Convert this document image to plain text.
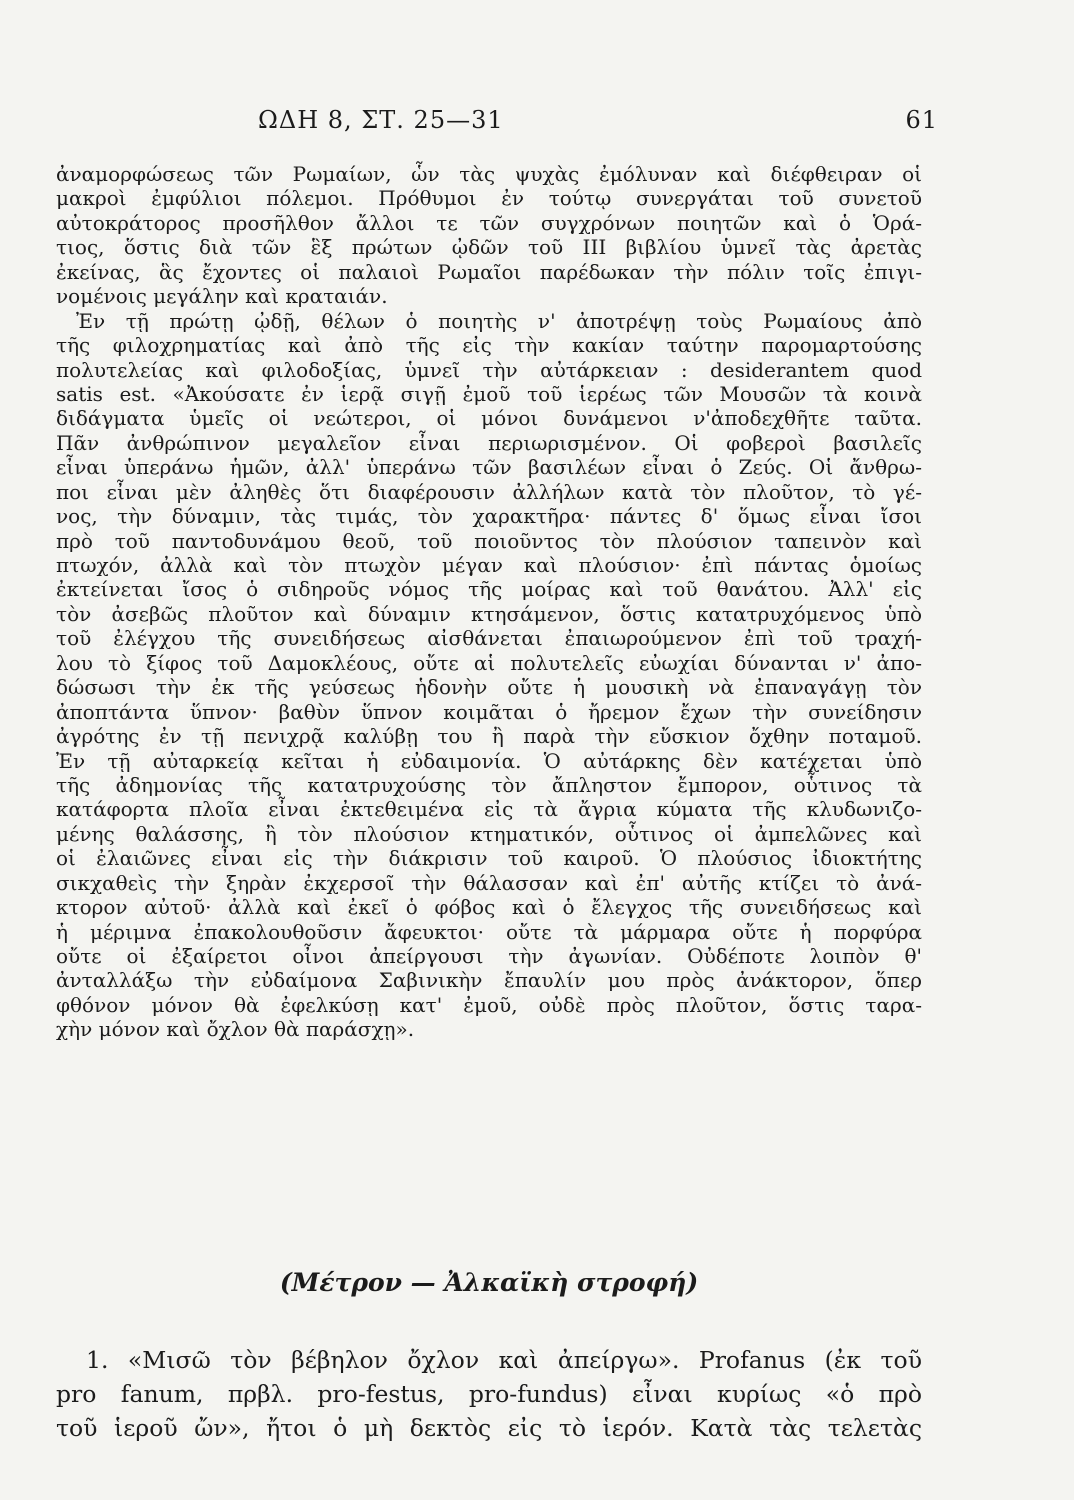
ΩΔΗ 8, ΣΤ. 25—31	61
ἀναμορφώσεως τῶν Ρωμαίων, ὧν τὰς ψυχὰς ἐμόλυναν καὶ διέφθειραν οἱ
μακροὶ ἐμφύλιοι πόλεμοι. Πρόθυμοι ἐν τούτῳ συνεργάται τοῦ συνετοῦ
αὐτοκράτορος προσῆλθον ἄλλοι τε τῶν συγχρόνων ποιητῶν καὶ ὁ Ὁρά-
τιος, ὅστις διὰ τῶν ἓξ πρώτων ᾠδῶν τοῦ III βιβλίου ὑμνεῖ τὰς ἀρετὰς
ἐκείνας, ἃς ἔχοντες οἱ παλαιοὶ Ρωμαῖοι παρέδωκαν τὴν πόλιν τοῖς ἐπιγι-
νομένοις μεγάλην καὶ κραταιάν.
Ἐν τῇ πρώτῃ ᾠδῇ, θέλων ὁ ποιητὴς ν' ἀποτρέψῃ τοὺς Ρωμαίους ἀπὸ
τῆς φιλοχρηματίας καὶ ἀπὸ τῆς εἰς τὴν κακίαν ταύτην παρομαρτούσης
πολυτελείας καὶ φιλοδοξίας, ὑμνεῖ τὴν αὐτάρκειαν : desiderantem quod
satis est. «Ἀκούσατε ἐν ἱερᾷ σιγῇ ἐμοῦ τοῦ ἱερέως τῶν Μουσῶν τὰ κοινὰ
διδάγματα ὑμεῖς οἱ νεώτεροι, οἱ μόνοι δυνάμενοι ν'ἀποδεχθῆτε ταῦτα.
Πᾶν ἀνθρώπινον μεγαλεῖον εἶναι περιωρισμένον. Οἱ φοβεροὶ βασιλεῖς
εἶναι ὑπεράνω ἡμῶν, ἀλλ' ὑπεράνω τῶν βασιλέων εἶναι ὁ Ζεύς. Οἱ ἄνθρω-
ποι εἶναι μὲν ἀληθὲς ὅτι διαφέρουσιν ἀλλήλων κατὰ τὸν πλοῦτον, τὸ γέ-
νος, τὴν δύναμιν, τὰς τιμάς, τὸν χαρακτῆρα· πάντες δ' ὅμως εἶναι ἴσοι
πρὸ τοῦ παντοδυνάμου θεοῦ, τοῦ ποιοῦντος τὸν πλούσιον ταπεινὸν καὶ
πτωχόν, ἀλλὰ καὶ τὸν πτωχὸν μέγαν καὶ πλούσιον· ἐπὶ πάντας ὁμοίως
ἐκτείνεται ἴσος ὁ σιδηροῦς νόμος τῆς μοίρας καὶ τοῦ θανάτου. Ἀλλ' εἰς
τὸν ἀσεβῶς πλοῦτον καὶ δύναμιν κτησάμενον, ὅστις κατατρυχόμενος ὑπὸ
τοῦ ἐλέγχου τῆς συνειδήσεως αἰσθάνεται ἐπαιωρούμενον ἐπὶ τοῦ τραχή-
λου τὸ ξίφος τοῦ Δαμοκλέους, οὔτε αἱ πολυτελεῖς εὐωχίαι δύνανται ν' ἀπο-
δώσωσι τὴν ἐκ τῆς γεύσεως ἡδονὴν οὔτε ἡ μουσικὴ νὰ ἐπαναγάγῃ τὸν
ἀποπτάντα ὕπνον· βαθὺν ὕπνον κοιμᾶται ὁ ἤρεμον ἔχων τὴν συνείδησιν
ἀγρότης ἐν τῇ πενιχρᾷ καλύβῃ του ἢ παρὰ τὴν εὔσκιον ὄχθην ποταμοῦ.
Ἐν τῇ αὐταρκείᾳ κεῖται ἡ εὐδαιμονία. Ὁ αὐτάρκης δὲν κατέχεται ὑπὸ
τῆς ἀδημονίας τῆς κατατρυχούσης τὸν ἄπληστον ἔμπορον, οὗτινος τὰ
κατάφορτα πλοῖα εἶναι ἐκτεθειμένα εἰς τὰ ἄγρια κύματα τῆς κλυδωνιζο-
μένης θαλάσσης, ἢ τὸν πλούσιον κτηματικόν, οὗτινος οἱ ἀμπελῶνες καὶ
οἱ ἐλαιῶνες εἶναι εἰς τὴν διάκρισιν τοῦ καιροῦ. Ὁ πλούσιος ἰδιοκτήτης
σικχαθεὶς τὴν ξηρὰν ἐκχερσοῖ τὴν θάλασσαν καὶ ἐπ' αὐτῆς κτίζει τὸ ἀνά-
κτορον αὐτοῦ· ἀλλὰ καὶ ἐκεῖ ὁ φόβος καὶ ὁ ἔλεγχος τῆς συνειδήσεως καὶ
ἡ μέριμνα ἐπακολουθοῦσιν ἄφευκτοι· οὔτε τὰ μάρμαρα οὔτε ἡ πορφύρα
οὔτε οἱ ἐξαίρετοι οἶνοι ἀπείργουσι τὴν ἀγωνίαν. Οὐδέποτε λοιπὸν θ'
ἀνταλλάξω τὴν εὐδαίμονα Σαβινικὴν ἔπαυλίν μου πρὸς ἀνάκτορον, ὅπερ
φθόνον μόνον θὰ ἐφελκύσῃ κατ' ἐμοῦ, οὐδὲ πρὸς πλοῦτον, ὅστις ταρα-
χὴν μόνον καὶ ὄχλον θὰ παράσχῃ».
(Μέτρον — Ἀλκαϊκὴ στροφή)
1. «Μισῶ τὸν βέβηλον ὄχλον καὶ ἀπείργω». Profanus (ἐκ τοῦ
pro fanum, πρβλ. pro-festus, pro-fundus) εἶναι κυρίως «ὁ πρὸ
τοῦ ἱεροῦ ὤν», ἤτοι ὁ μὴ δεκτὸς εἰς τὸ ἱερόν. Κατὰ τὰς τελετὰς
